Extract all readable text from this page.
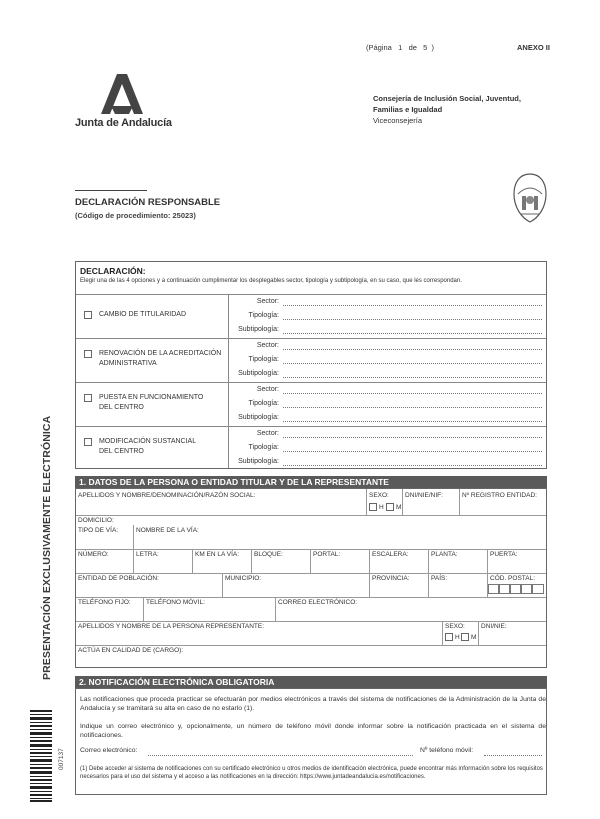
(Página 1 de 5 )	ANEXO II
Junta de Andalucía
Consejería de Inclusión Social, Juventud,
Familias e Igualdad
Viceconsejería
DECLARACIÓN RESPONSABLE
(Código de procedimiento: 25023)
PRESENTACIÓN EXCLUSIVAMENTE ELECTRÓNICA
007137
DECLARACIÓN:
Elegir una de las 4 opciones y a continuación cumplimentar los desplegables sector, tipología y subtipología, en su caso, que les correspondan.
CAMBIO DE TITULARIDAD
Sector:
Tipología:
Subtipología:
RENOVACIÓN DE LA ACREDITACIÓN
ADMINISTRATIVA
Sector:
Tipología:
Subtipología:
PUESTA EN FUNCIONAMIENTO
DEL CENTRO
Sector:
Tipología:
Subtipología:
MODIFICACIÓN SUSTANCIAL
DEL CENTRO
Sector:
Tipología:
Subtipología:
1. DATOS DE LA PERSONA O ENTIDAD TITULAR Y DE LA REPRESENTANTE
APELLIDOS Y NOMBRE/DENOMINACIÓN/RAZÓN SOCIAL:	SEXO:
H M
DNI/NIE/NIF:	Nº REGISTRO ENTIDAD:
DOMICILIO:
TIPO DE VÍA:	NOMBRE DE LA VÍA:
NÚMERO:	LETRA:	KM EN LA VÍA: BLOQUE:	PORTAL:	ESCALERA:	PLANTA:	PUERTA:
ENTIDAD DE POBLACIÓN:	MUNICIPIO:	PROVINCIA:	PAÍS:	CÓD. POSTAL:
TELÉFONO FIJO: TELÉFONO MÓVIL:	CORREO ELECTRÓNICO:
APELLIDOS Y NOMBRE DE LA PERSONA REPRESENTANTE:	SEXO:
H M
DNI/NIE:
ACTÚA EN CALIDAD DE (CARGO):
2. NOTIFICACIÓN ELECTRÓNICA OBLIGATORIA
Las notificaciones que proceda practicar se efectuarán por medios electrónicos a través del sistema de notificaciones de la Administración de la Junta de Andalucía y se tramitará su alta en caso de no estarlo (1).
Indique un correo electrónico y, opcionalmente, un número de teléfono móvil donde informar sobre la notificación practicada en el sistema de notificaciones.
Correo electrónico:	Nº teléfono móvil:
(1) Debe acceder al sistema de notificaciones con su certificado electrónico u otros medios de identificación electrónica, puede encontrar más información sobre los requisitos necesarios para el uso del sistema y el acceso a las notificaciones en la dirección: https://www.juntadeandalucia.es/notificaciones.
